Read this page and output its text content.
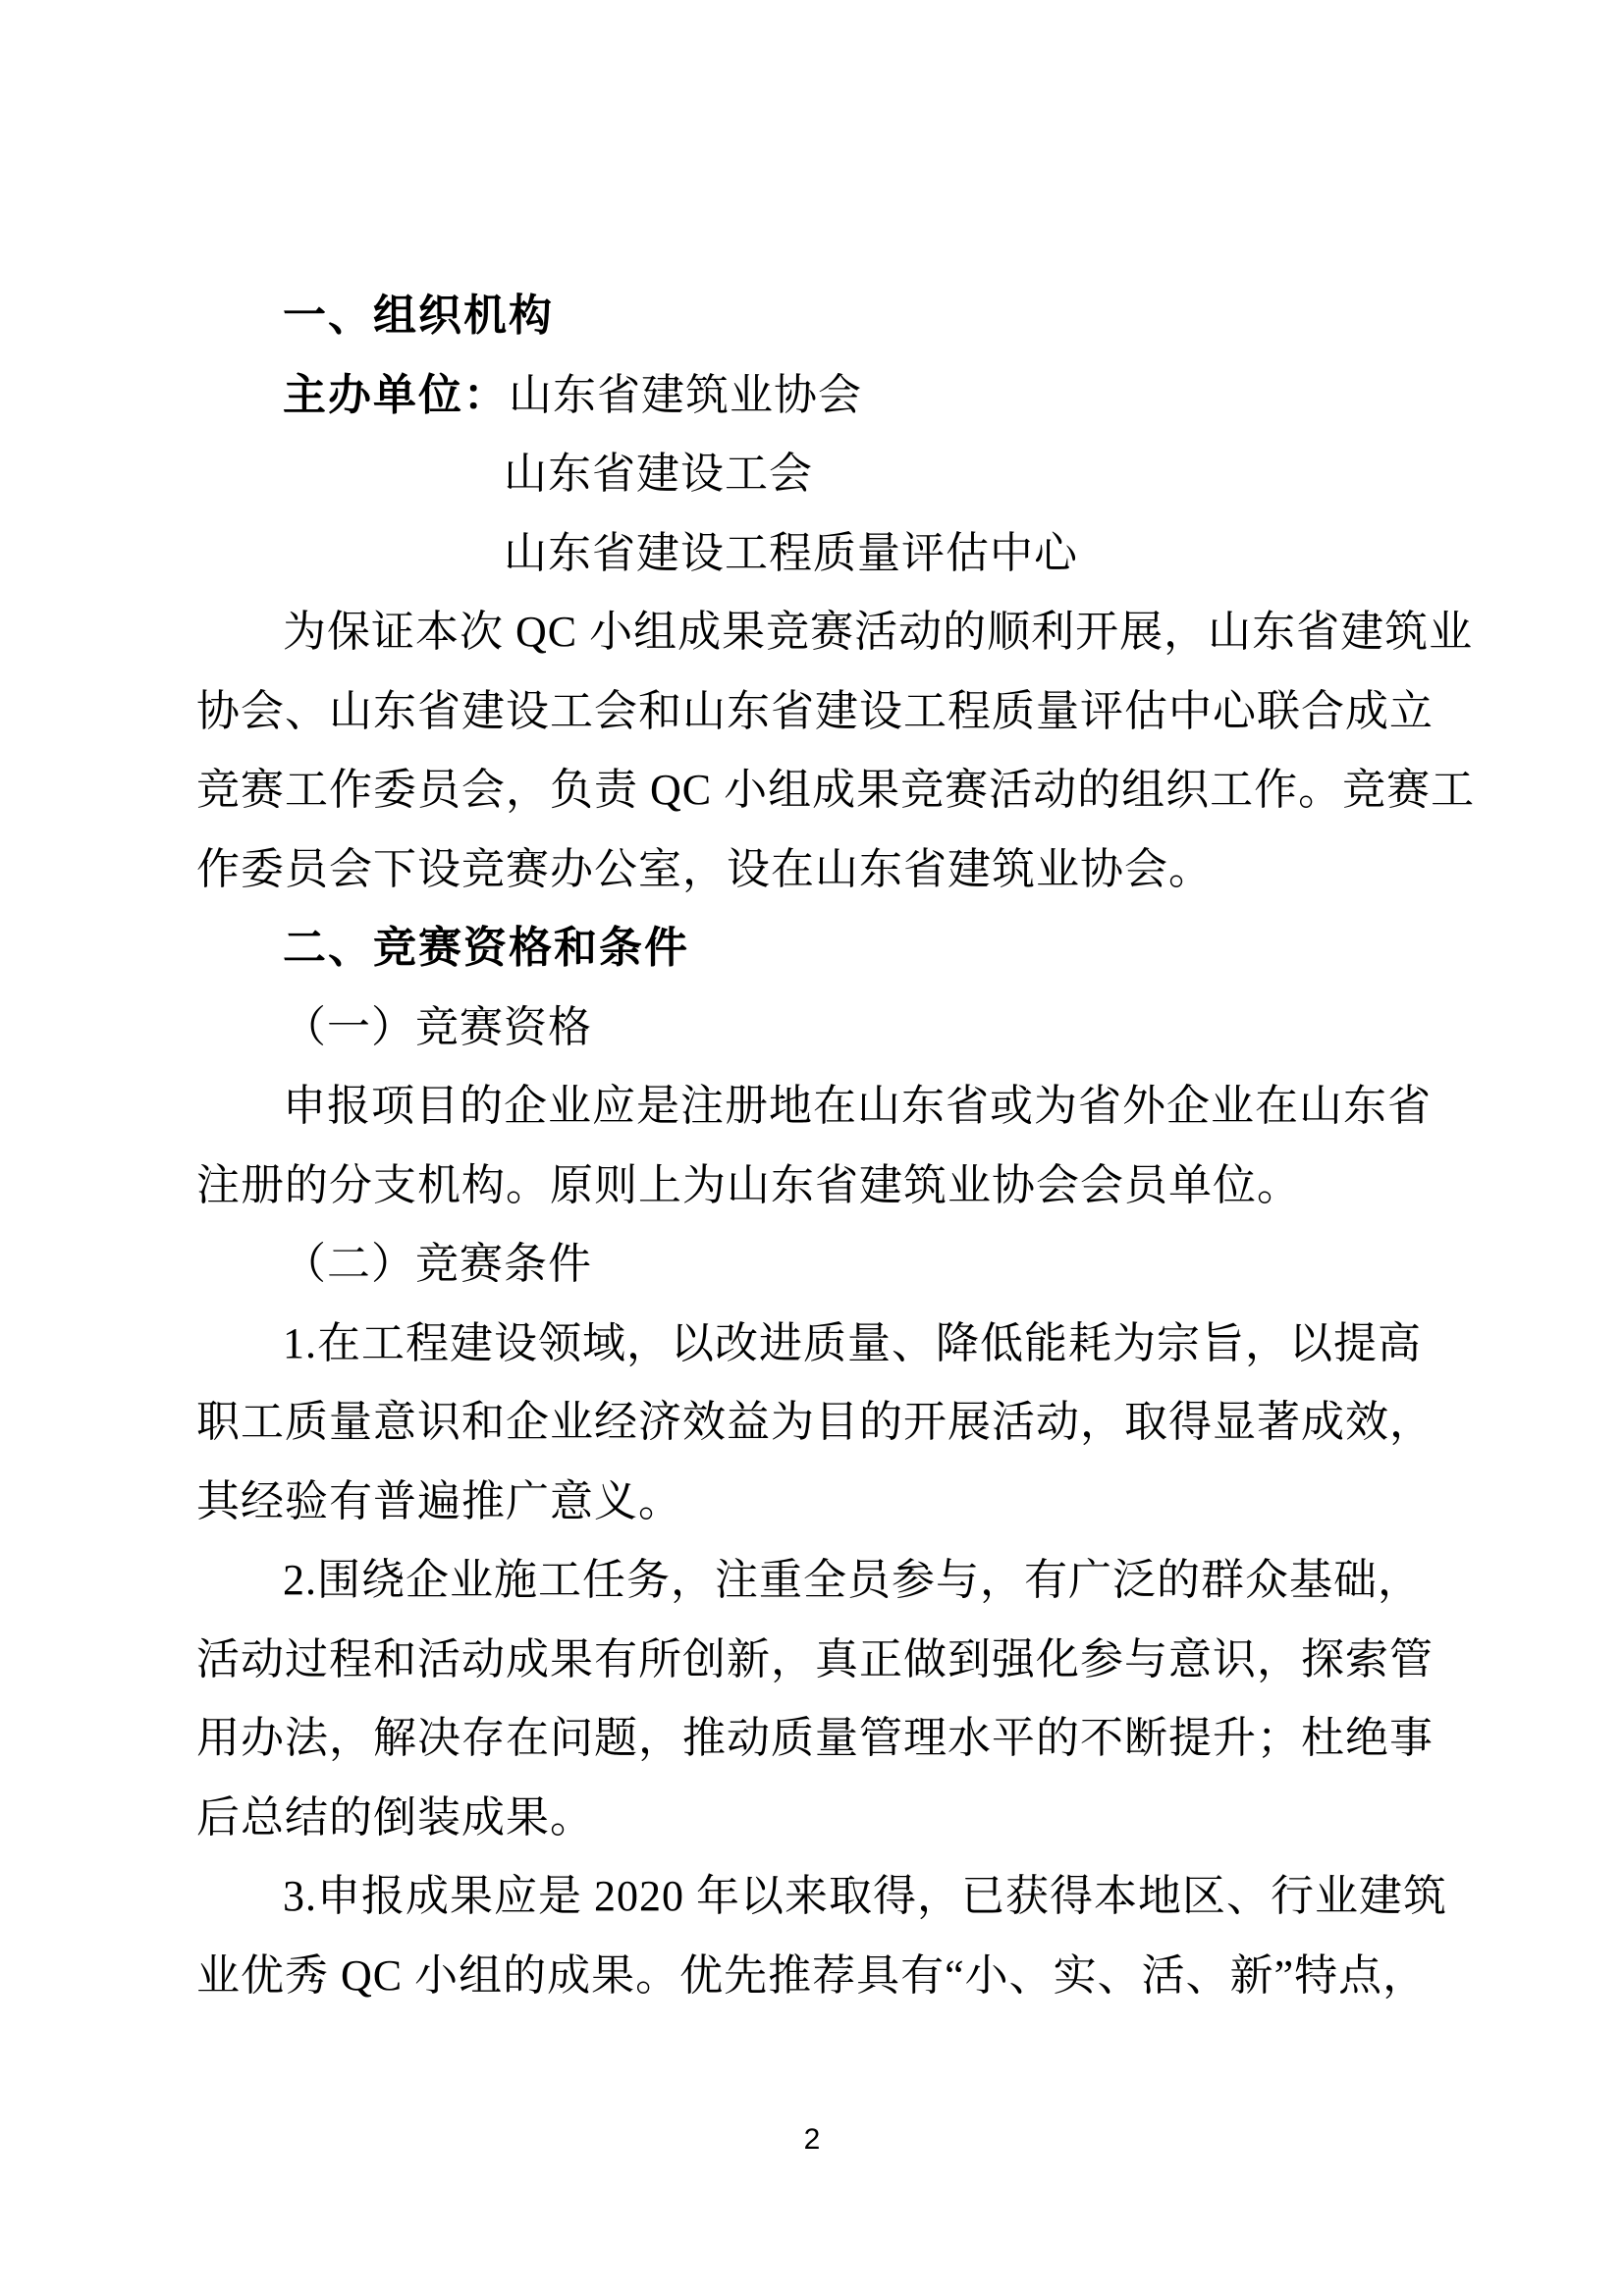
一、组织机构
主办单位：山东省建筑业协会
山东省建设工会
山东省建设工程质量评估中心
为保证本次 QC 小组成果竞赛活动的顺利开展，山东省建筑业
协会、山东省建设工会和山东省建设工程质量评估中心联合成立
竞赛工作委员会，负责 QC 小组成果竞赛活动的组织工作。竞赛工
作委员会下设竞赛办公室，设在山东省建筑业协会。
二、竞赛资格和条件
（一）竞赛资格
申报项目的企业应是注册地在山东省或为省外企业在山东省
注册的分支机构。原则上为山东省建筑业协会会员单位。
（二）竞赛条件
1.在工程建设领域，以改进质量、降低能耗为宗旨，以提高
职工质量意识和企业经济效益为目的开展活动，取得显著成效，
其经验有普遍推广意义。
2.围绕企业施工任务，注重全员参与，有广泛的群众基础，
活动过程和活动成果有所创新，真正做到强化参与意识，探索管
用办法，解决存在问题，推动质量管理水平的不断提升；杜绝事
后总结的倒装成果。
3.申报成果应是 2020 年以来取得，已获得本地区、行业建筑
业优秀 QC 小组的成果。优先推荐具有“小、实、活、新”特点，
2
